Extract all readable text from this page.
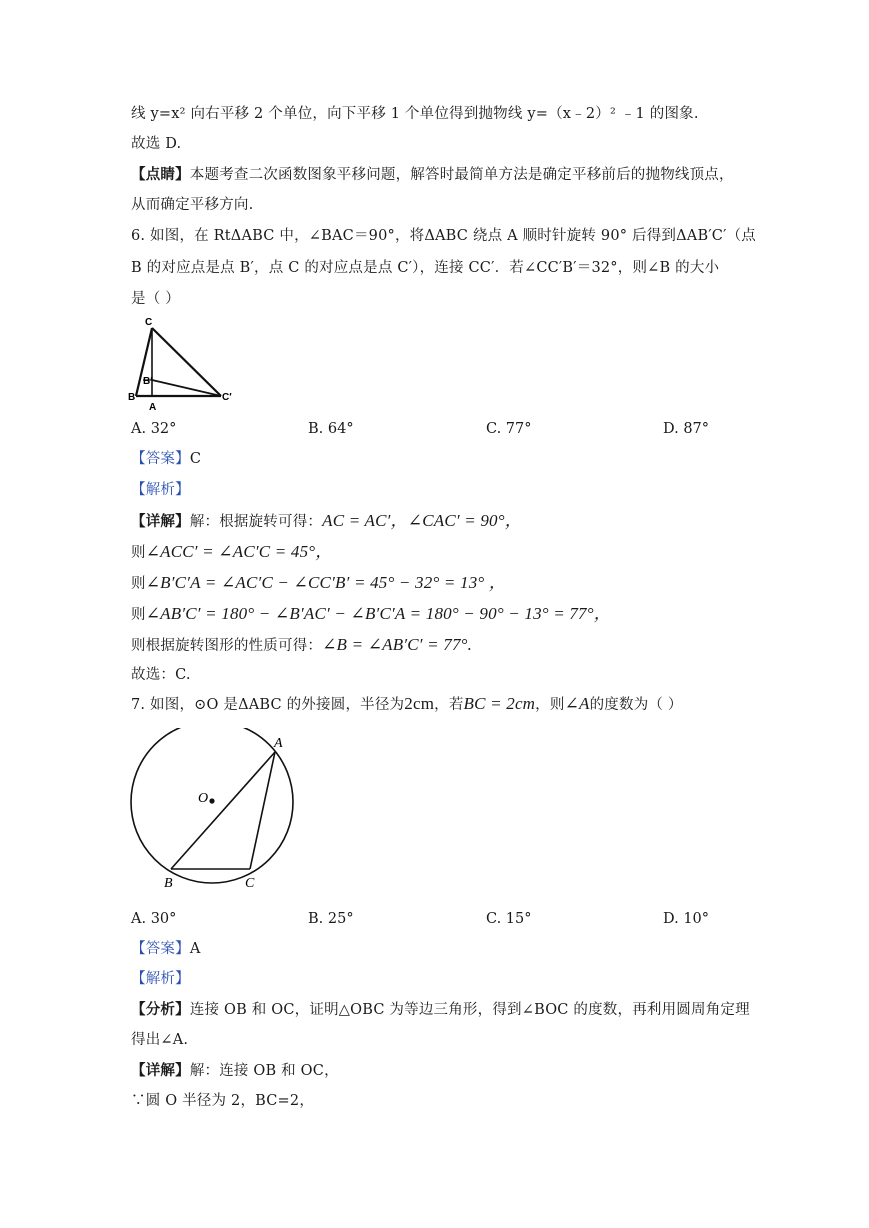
线 y=x² 向右平移 2 个单位，向下平移 1 个单位得到抛物线 y=（x﹣2）² ﹣1 的图象.
故选 D.
【点睛】本题考查二次函数图象平移问题，解答时最简单方法是确定平移前后的抛物线顶点，
从而确定平移方向.
6. 如图，在 RtΔABC 中，∠BAC＝90°，将ΔABC 绕点 A 顺时针旋转 90° 后得到ΔAB′C′（点
B 的对应点是点 B′，点 C 的对应点是点 C′），连接 CC′．若∠CC′B′＝32°，则∠B 的大小
是（ ）
C
B′
B
A
C′
A. 32°	B. 64°	C. 77°	D. 87°
【答案】C
【解析】
【详解】解：根据旋转可得：AC = AC′，∠CAC′ = 90°，
则∠ACC′ = ∠AC′C = 45°，
则∠B′C′A = ∠AC′C − ∠CC′B′ = 45° − 32° = 13° ，
则∠AB′C′ = 180° − ∠B′AC′ − ∠B′C′A = 180° − 90° − 13° = 77°，
则根据旋转图形的性质可得：∠B = ∠AB′C′ = 77°.
故选：C.
7. 如图，⊙O 是ΔABC 的外接圆，半径为2cm，若BC = 2cm，则∠A的度数为（ ）
A
O
B	C
A. 30°	B. 25°	C. 15°	D. 10°
【答案】A
【解析】
【分析】连接 OB 和 OC，证明△OBC 为等边三角形，得到∠BOC 的度数，再利用圆周角定理
得出∠A.
【详解】解：连接 OB 和 OC，
∵圆 O 半径为 2，BC=2，
